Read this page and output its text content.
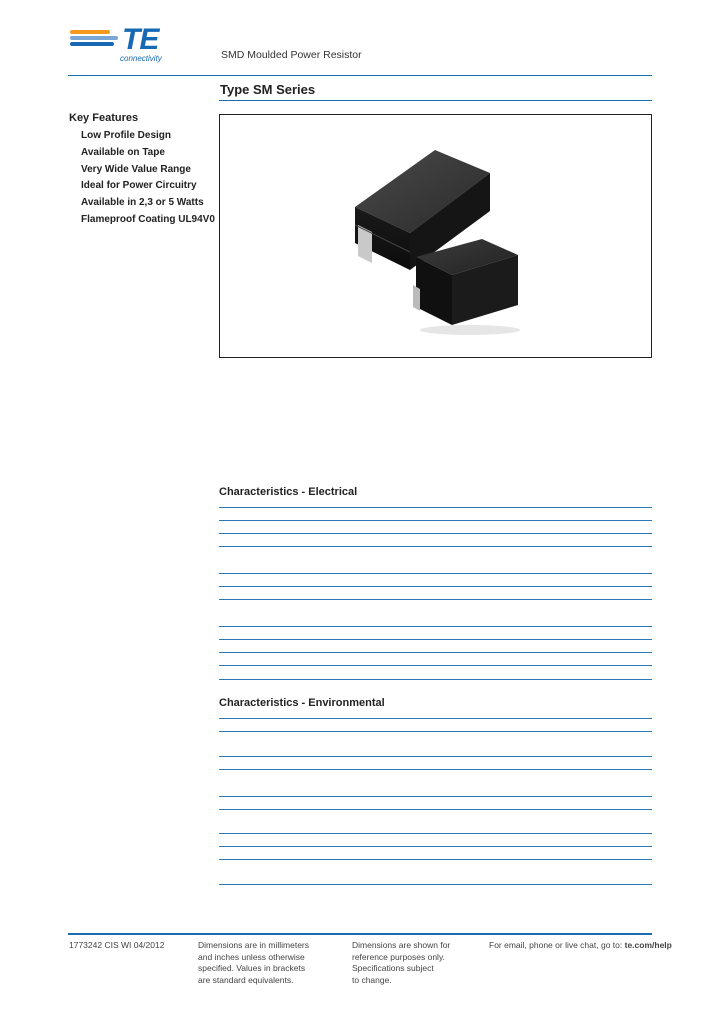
TE
connectivity	SMD Moulded Power Resistor
Type SM Series
Key Features
Low Profile Design
Available on Tape
Very Wide Value Range
Ideal for Power Circuitry
Available in 2,3 or 5 Watts
Flameproof Coating UL94V0
Characteristics - Electrical
Characteristics - Environmental
1773242 CIS WI 04/2012	Dimensions are in millimeters
and inches unless otherwise
specified. Values in brackets
are standard equivalents.
Dimensions are shown for
reference purposes only.
Specifications subject
to change.
For email, phone or live chat, go to: te.com/help
